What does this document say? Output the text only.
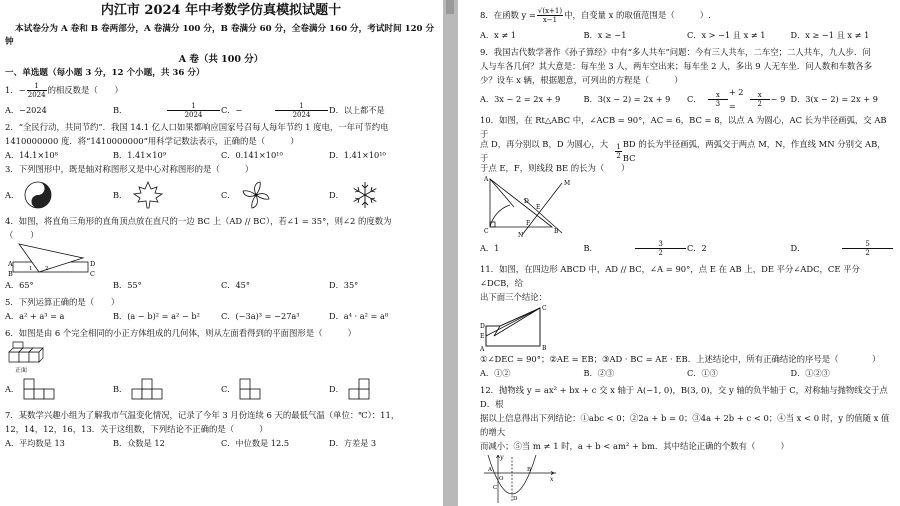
内江市 2024 年中考数学仿真模拟试题十

本试卷分为 A 卷和 B 卷两部分，A 卷满分 100 分，B 卷满分 60 分，全卷满分 160 分，考试时间 120 分

钟

A 卷（共 100 分）

一、单选题（每小题 3 分，12 个小题，共 36 分）

1．− $\frac{1}{2024}$ 的相反数是（　　）

A．−2024	B．	$\frac{1}{2024}$ C．−	$\frac{1}{2024}$ D．以上都不是

2．“全民行动，共同节约”．我国 14.1 亿人口如果都响应国家号召每人每年节约 1 度电，一年可节约电

1410000000 度．将“1410000000”用科学记数法表示，正确的是（　　　）

A．14.1×10⁸	B．1.41×10⁹	C．0.141×10¹⁰	D．1.41×10¹⁰

3．下列图形中，既是轴对称图形又是中心对称图形的是（　　　）

A．	B．	C．	D．

4．如图，将直角三角形的直角顶点放在直尺的一边 BC 上（AD // BC），若∠1 = 35°，则∠2 的度数为

（　　）

A
B	C
D
1 2
A．65°	B．55°	C．45°	D．35°

5．下列运算正确的是（　　）

A．a² + a³ = a	B．(a − b)² = a² − b²	C．(−3a)³ = −27a³	D．a⁴ · a² = a⁸

6．如图是由 6 个完全相同的小正方体组成的几何体，则从左面看得到的平面图形是（　　　）

正面
A．	B．	C．	D．

7．某数学兴趣小组为了解我市气温变化情况，记录了今年 3 月份连续 6 天的最低气温（单位：℃）：11，

12，14，12，16，13．关于这组数，下列结论不正确的是（　　　）

A．平均数是 13	B．众数是 12	C．中位数是 12.5	D．方差是 3

8．在函数 $y = \frac{√(x+1)}{x-1}$ 中，自变量 x 的取值范围是（　　　）.

A．x ≠ 1	B．x ≥ −1	C．x > −1 且 x ≠ 1	D．x ≥ −1 且 x ≠ 1

9．我国古代数学著作《孙子算经》中有“多人共车”问题：今有三人共车，二车空；二人共车，九人步．问

人与车各几何？其大意是：每车坐 3 人，两车空出来；每车坐 2 人，多出 9 人无车坐．问人数和车数各多

少？设车 x 辆，根据题意，可列出的方程是（　　　）

A．3x − 2 = 2x + 9	B．3(x − 2) = 2x + 9	C． $\frac{x}{3} + 2$ =	$\frac{x}{2} - 9$ D．3(x − 2) = 2x + 9

10．如图，在 Rt△ABC 中，∠ACB = 90°，AC = 6，BC = 8，以点 A 为圆心，AC 长为半径画弧，交 AB 于

点 D，再分别以 B，D 为圆心，大于	$\frac{1}{2}$ BD 的长为半径画弧，两弧交于两点 M，N，作直线 MN 分别交 AB，BC

于点 E，F，则线段 BE 的长为（　　）

A
C	B
D
E
F
M
N
A．1	B．	$\frac{3}{2}$ C．2	D．	$\frac{5}{2}$

11．如图，在四边形 ABCD 中，AD // BC，∠A = 90°，点 E 在 AB 上，DE 平分∠ADC，CE 平分∠DCB，给

出下面三个结论：

D
E
A	B
C

①∠DEC = 90°；②AE = EB；③AD · BC = AE · EB．上述结论中，所有正确结论的序号是（　　　　）

A．①②	B．②③	C．①③	D．①②③

12．抛物线 y = ax² + bx + c 交 x 轴于 A(−1, 0)，B(3, 0)，交 y 轴的负半轴于 C，对称轴与抛物线交于点 D．根

据以上信息得出下列结论：①abc < 0；②2a + b = 0；③4a + 2b + c < 0；④当 x < 0 时，y 的值随 x 值的增大

而减小；⑤当 m ≠ 1 时，a + b < am² + bm．其中结论正确的个数有（　　　）

y
x
O
A	B
C
D
